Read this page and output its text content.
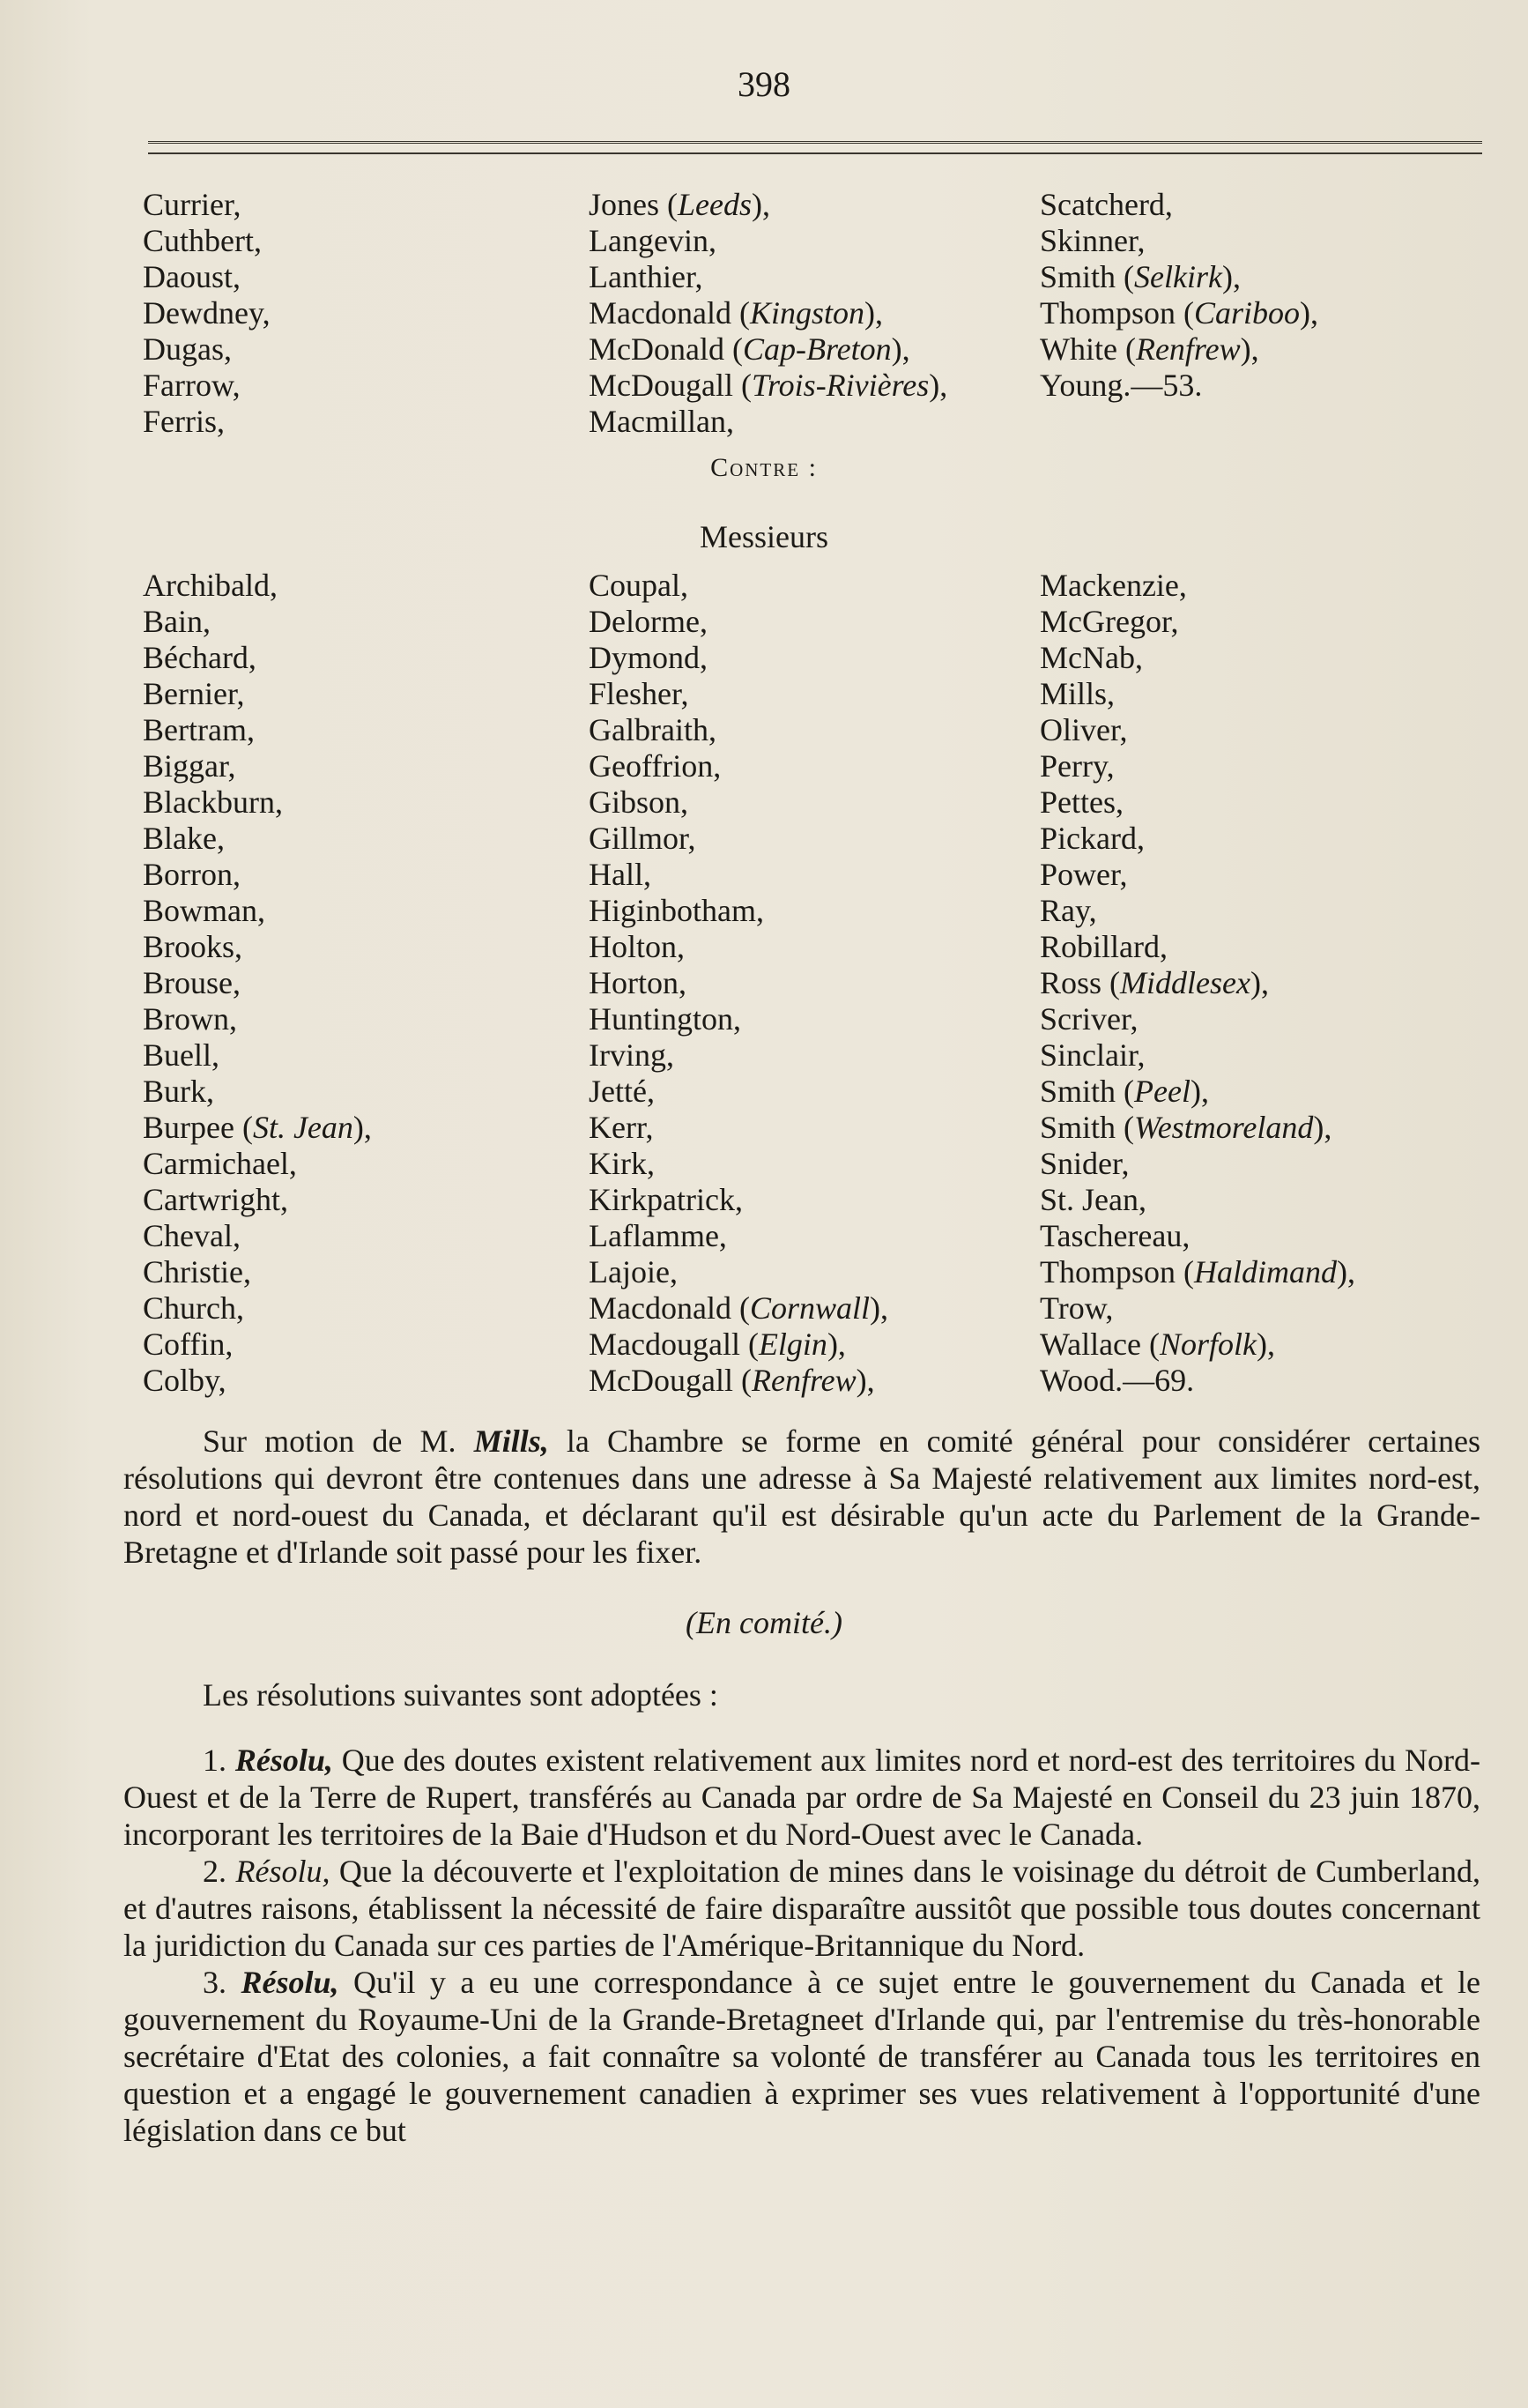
398
Currier,
Cuthbert,
Daoust,
Dewdney,
Dugas,
Farrow,
Ferris,
Jones (Leeds),
Langevin,
Lanthier,
Macdonald (Kingston),
McDonald (Cap-Breton),
McDougall (Trois-Rivières),
Macmillan,
Scatcherd,
Skinner,
Smith (Selkirk),
Thompson (Cariboo),
White (Renfrew),
Young.—53.
Contre :
Messieurs
Archibald,
Bain,
Béchard,
Bernier,
Bertram,
Biggar,
Blackburn,
Blake,
Borron,
Bowman,
Brooks,
Brouse,
Brown,
Buell,
Burk,
Burpee (St. Jean),
Carmichael,
Cartwright,
Cheval,
Christie,
Church,
Coffin,
Colby,
Coupal,
Delorme,
Dymond,
Flesher,
Galbraith,
Geoffrion,
Gibson,
Gillmor,
Hall,
Higinbotham,
Holton,
Horton,
Huntington,
Irving,
Jetté,
Kerr,
Kirk,
Kirkpatrick,
Laflamme,
Lajoie,
Macdonald (Cornwall),
Macdougall (Elgin),
McDougall (Renfrew),
Mackenzie,
McGregor,
McNab,
Mills,
Oliver,
Perry,
Pettes,
Pickard,
Power,
Ray,
Robillard,
Ross (Middlesex),
Scriver,
Sinclair,
Smith (Peel),
Smith (Westmoreland),
Snider,
St. Jean,
Taschereau,
Thompson (Haldimand),
Trow,
Wallace (Norfolk),
Wood.—69.

Sur motion de M. Mills, la Chambre se forme en comité général pour considérer certaines résolutions qui devront être contenues dans une adresse à Sa Majesté relativement aux limites nord-est, nord et nord-ouest du Canada, et déclarant qu'il est désirable qu'un acte du Parlement de la Grande-Bretagne et d'Irlande soit passé pour les fixer.

(En comité.)

Les résolutions suivantes sont adoptées :

1. Résolu, Que des doutes existent relativement aux limites nord et nord-est des territoires du Nord-Ouest et de la Terre de Rupert, transférés au Canada par ordre de Sa Majesté en Conseil du 23 juin 1870, incorporant les territoires de la Baie d'Hudson et du Nord-Ouest avec le Canada.

2. Résolu, Que la découverte et l'exploitation de mines dans le voisinage du détroit de Cumberland, et d'autres raisons, établissent la nécessité de faire disparaître aussitôt que possible tous doutes concernant la juridiction du Canada sur ces parties de l'Amérique-Britannique du Nord.

3. Résolu, Qu'il y a eu une correspondance à ce sujet entre le gouvernement du Canada et le gouvernement du Royaume-Uni de la Grande-Bretagneet d'Irlande qui, par l'entremise du très-honorable secrétaire d'Etat des colonies, a fait connaître sa volonté de transférer au Canada tous les territoires en question et a engagé le gouvernement canadien à exprimer ses vues relativement à l'opportunité d'une législation dans ce but
